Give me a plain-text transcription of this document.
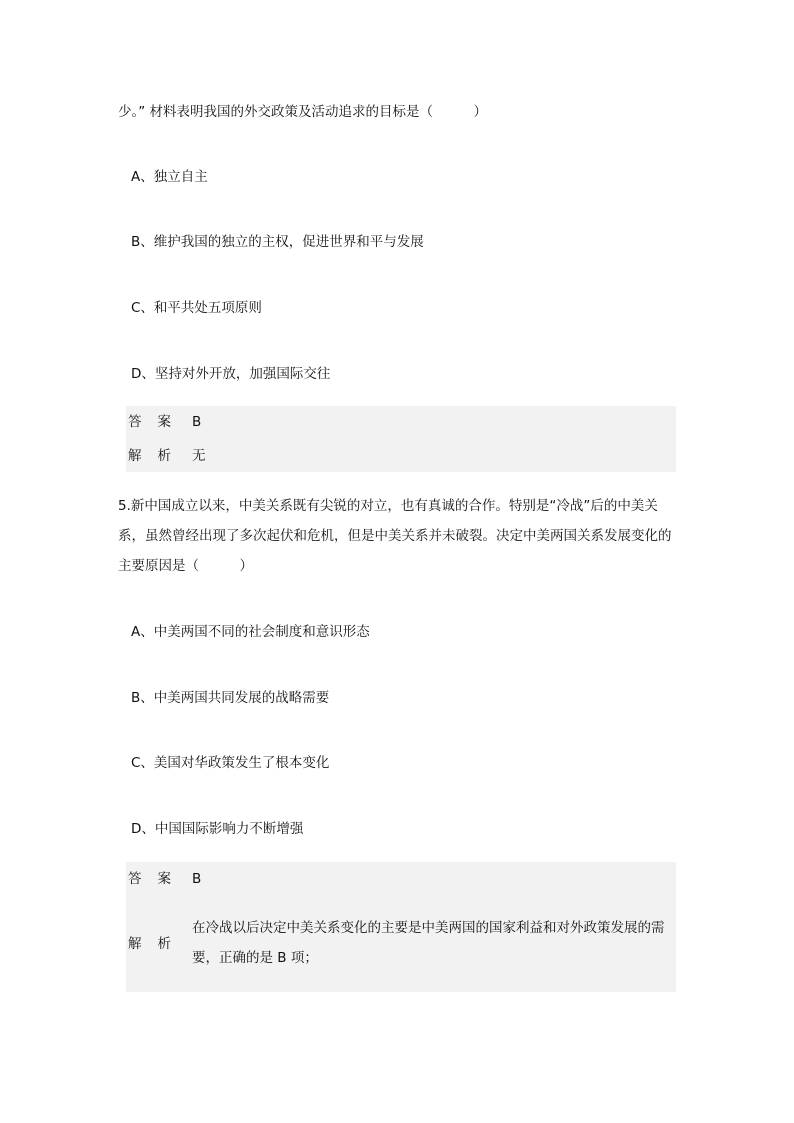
少。” 材料表明我国的外交政策及活动追求的目标是（　　　）
A、独立自主
B、维护我国的独立的主权，促进世界和平与发展
C、和平共处五项原则
D、坚持对外开放，加强国际交往
答案 B
解析 无
5.新中国成立以来，中美关系既有尖锐的对立，也有真诚的合作。特别是“冷战”后的中美关系，虽然曾经出现了多次起伏和危机，但是中美关系并未破裂。决定中美两国关系发展变化的主要原因是（　　　）
A、中美两国不同的社会制度和意识形态
B、中美两国共同发展的战略需要
C、美国对华政策发生了根本变化
D、中国国际影响力不断增强
答案 B
解析
在冷战以后决定中美关系变化的主要是中美两国的国家利益和对外政策发展的需要，正确的是 B 项；
